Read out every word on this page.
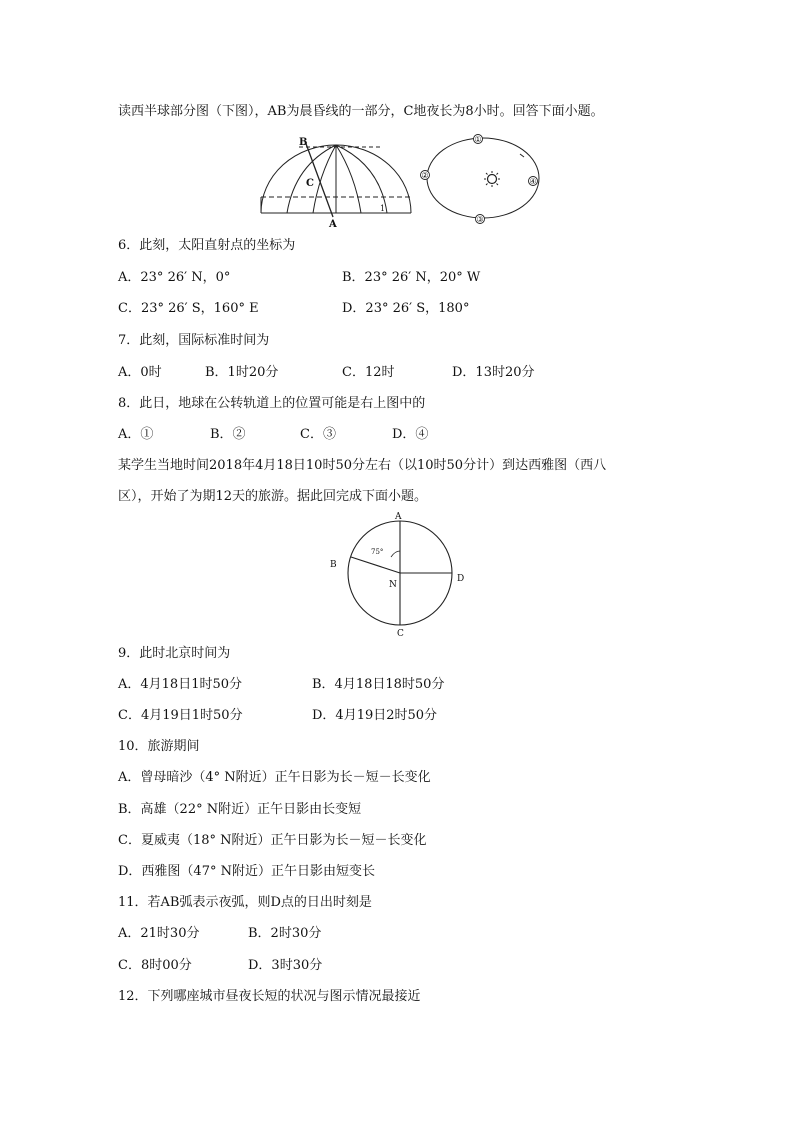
读西半球部分图（下图），AB为晨昏线的一部分，C地夜长为8小时。回答下面小题。
B
C
A
1
①
②
③
④
6．此刻，太阳直射点的坐标为
A．23° 26′ N，0°	B．23° 26′ N，20° W
C．23° 26′ S，160° E	D．23° 26′ S，180°
7．此刻，国际标准时间为
A．0时	B．1时20分	C．12时	D．13时20分
8．此日，地球在公转轨道上的位置可能是右上图中的
A．①	B．②	C．③	D．④
某学生当地时间2018年4月18日10时50分左右（以10时50分计）到达西雅图（西八
区），开始了为期12天的旅游。据此回完成下面小题。
75°
A
B
C
D
N
9．此时北京时间为
A．4月18日1时50分	B．4月18日18时50分
C．4月19日1时50分	D．4月19日2时50分
10．旅游期间
A．曾母暗沙（4° N附近）正午日影为长－短－长变化
B．高雄（22° N附近）正午日影由长变短
C．夏威夷（18° N附近）正午日影为长－短－长变化
D．西雅图（47° N附近）正午日影由短变长
11．若AB弧表示夜弧，则D点的日出时刻是
A．21时30分	B．2时30分
C．8时00分	D．3时30分
12．下列哪座城市昼夜长短的状况与图示情况最接近
